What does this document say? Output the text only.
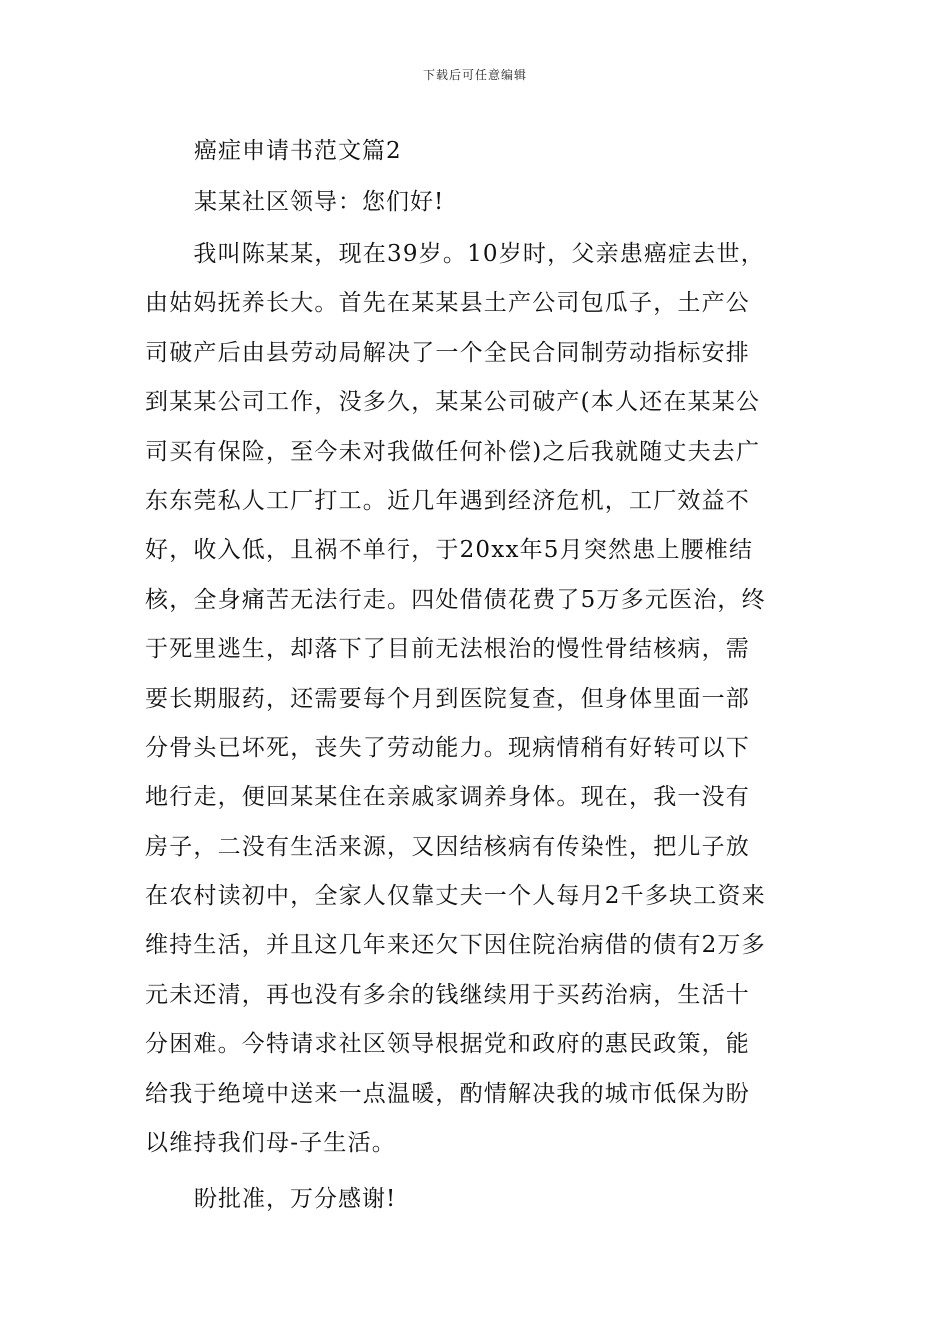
下载后可任意编辑
癌症申请书范文篇2
某某社区领导：您们好!
　　我叫陈某某，现在39岁。10岁时，父亲患癌症去世，
由姑妈抚养长大。首先在某某县土产公司包瓜子，土产公
司破产后由县劳动局解决了一个全民合同制劳动指标安排
到某某公司工作，没多久，某某公司破产(本人还在某某公
司买有保险，至今未对我做任何补偿)之后我就随丈夫去广
东东莞私人工厂打工。近几年遇到经济危机，工厂效益不
好，收入低，且祸不单行，于20xx年5月突然患上腰椎结
核，全身痛苦无法行走。四处借债花费了5万多元医治，终
于死里逃生，却落下了目前无法根治的慢性骨结核病，需
要长期服药，还需要每个月到医院复查，但身体里面一部
分骨头已坏死，丧失了劳动能力。现病情稍有好转可以下
地行走，便回某某住在亲戚家调养身体。现在，我一没有
房子，二没有生活来源，又因结核病有传染性，把儿子放
在农村读初中，全家人仅靠丈夫一个人每月2千多块工资来
维持生活，并且这几年来还欠下因住院治病借的债有2万多
元未还清，再也没有多余的钱继续用于买药治病，生活十
分困难。今特请求社区领导根据党和政府的惠民政策，能
给我于绝境中送来一点温暖，酌情解决我的城市低保为盼
以维持我们母-子生活。
盼批准，万分感谢!
